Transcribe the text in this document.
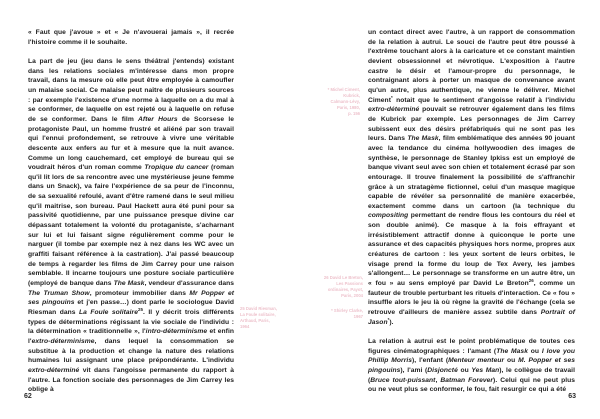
« Faut que j'avoue » et « Je n'avouerai jamais », il recrée l'histoire comme il le souhaite.

La part de jeu (jeu dans le sens théâtral j'entends) existant dans les relations sociales m'intéresse dans mon propre travail, dans la mesure où elle peut être employée à camoufler un malaise social. Ce malaise peut naître de plusieurs sources : par exemple l'existence d'une norme à laquelle on a du mal à se conformer, de laquelle on est rejeté ou à laquelle on refuse de se conformer. Dans le film After Hours de Scorsese le protagoniste Paul, un homme frustré et aliéné par son travail qui l'ennui profondement, se retrouve à vivre une véritable descente aux enfers au fur et à mesure que la nuit avance. Comme un long cauchemard, cet employé de bureau qui se voudrait héros d'un roman comme Tropique du cancer (roman qu'il lit lors de sa rencontre avec une mystérieuse jeune femme dans un Snack), va faire l'expérience de sa peur de l'inconnu, de sa sexualité refoulé, avant d'être ramené dans le seul milieu qu'il maitrise, son bureau. Paul Hackett aura été puni pour sa passivité quotidienne, par une puissance presque divine car dépassant totalement la volonté du protaganiste, s'acharnant sur lui et lui faisant signe régulièrement comme pour le narguer (il tombe par exemple nez à nez dans les WC avec un graffiti faisant référence à la castration). J'ai passé beaucoup de temps à regarder les films de Jim Carrey pour une raison semblable. Il incarne toujours une posture sociale particulière (employé de banque dans The Mask, vendeur d'assurance dans The Truman Show, promoteur immobilier dans Mr Popper et ses pingouins et j'en passe…) dont parle le sociologue David Riesman dans La Foule solitaire$^{25}$. Il y décrit trois différents types de déterminations régissant la vie sociale de l'individu : la détermination « traditionnelle », l'intro-déterminisme et enfin l'extro-déterminisme, dans lequel la consommation se substitue à la production et change la nature des relations humaines lui assignant une place prépondérante. L'individu extro-déterminé vit dans l'angoisse permanente du rapport à l'autre. La fonction sociale des personnages de Jim Carrey les oblige à

62

un contact direct avec l'autre, à un rapport de consommation de la relation à autrui. Le souci de l'autre peut être poussé à l'extrême touchant alors à la caricature et ce constant maintien devient obsessionnel et névrotique. L'exposition à l'autre castre le désir et l'amour-propre du personnage, le contraignant alors à porter un masque de convenance avant qu'un autre, plus authentique, ne vienne le délivrer. Michel Ciment* notait que le sentiment d'angoisse relatif à l'individu extro-déterminé pouvait se retrouver également dans les films de Kubrick par exemple. Les personnages de Jim Carrey subissent eux des désirs préfabriqués qui ne sont pas les leurs. Dans The Mask, film emblématique des années 90 jouant avec la tendance du cinéma hollywoodien des images de synthèse, le personnage de Stanley Ipkiss est un employé de banque vivant seul avec son chien et totalement écrasé par son entourage. Il trouve finalement la possibilité de s'affranchir grâce à un stratagème fictionnel, celui d'un masque magique capable de révéler sa personnalité de manière exacerbée, exactement comme dans un cartoon (la technique du compositing permettant de rendre flous les contours du réel et son double animé). Ce masque à la fois effrayant et irrésistiblement attractif donne à quiconque le porte une assurance et des capacités physiques hors norme, propres aux créatures de cartoon : les yeux sortent de leurs orbites, le visage prend la forme du loup de Tex Avery, les jambes s'allongent… Le personnage se transforme en un autre être, un « fou » au sens employé par David Le Breton$^{26}$, comme un fauteur de trouble perturbant les rituels d'interaction. Ce « fou » insuffle alors le jeu là où règne la gravité de l'échange (cela se retrouve d'ailleurs de manière assez subtile dans Portrait of Jason*).

La relation à autrui est le point problématique de toutes ces figures cinématographiques : l'amant (The Mask ou I love you Phillip Morris), l'enfant (Menteur menteur ou M. Popper et ses pingouins), l'ami (Disjoncté ou Yes Man), le collègue de travail (Bruce tout-puissant, Batman Forever). Celui qui ne peut plus ou ne veut plus se conformer, le fou, fait resurgir ce qui a été

63
* Michel Ciment,
Kubrick,
Calmann-Lévy,
Paris, 1980,
p. 156
25 David Riesman,
La Foule solitaire,
Arthaud, Paris,
1964
26 David Le Breton,
Les Passions
ordinaires, Payot,
Paris, 2004
* Shirley Clarke,
1967
